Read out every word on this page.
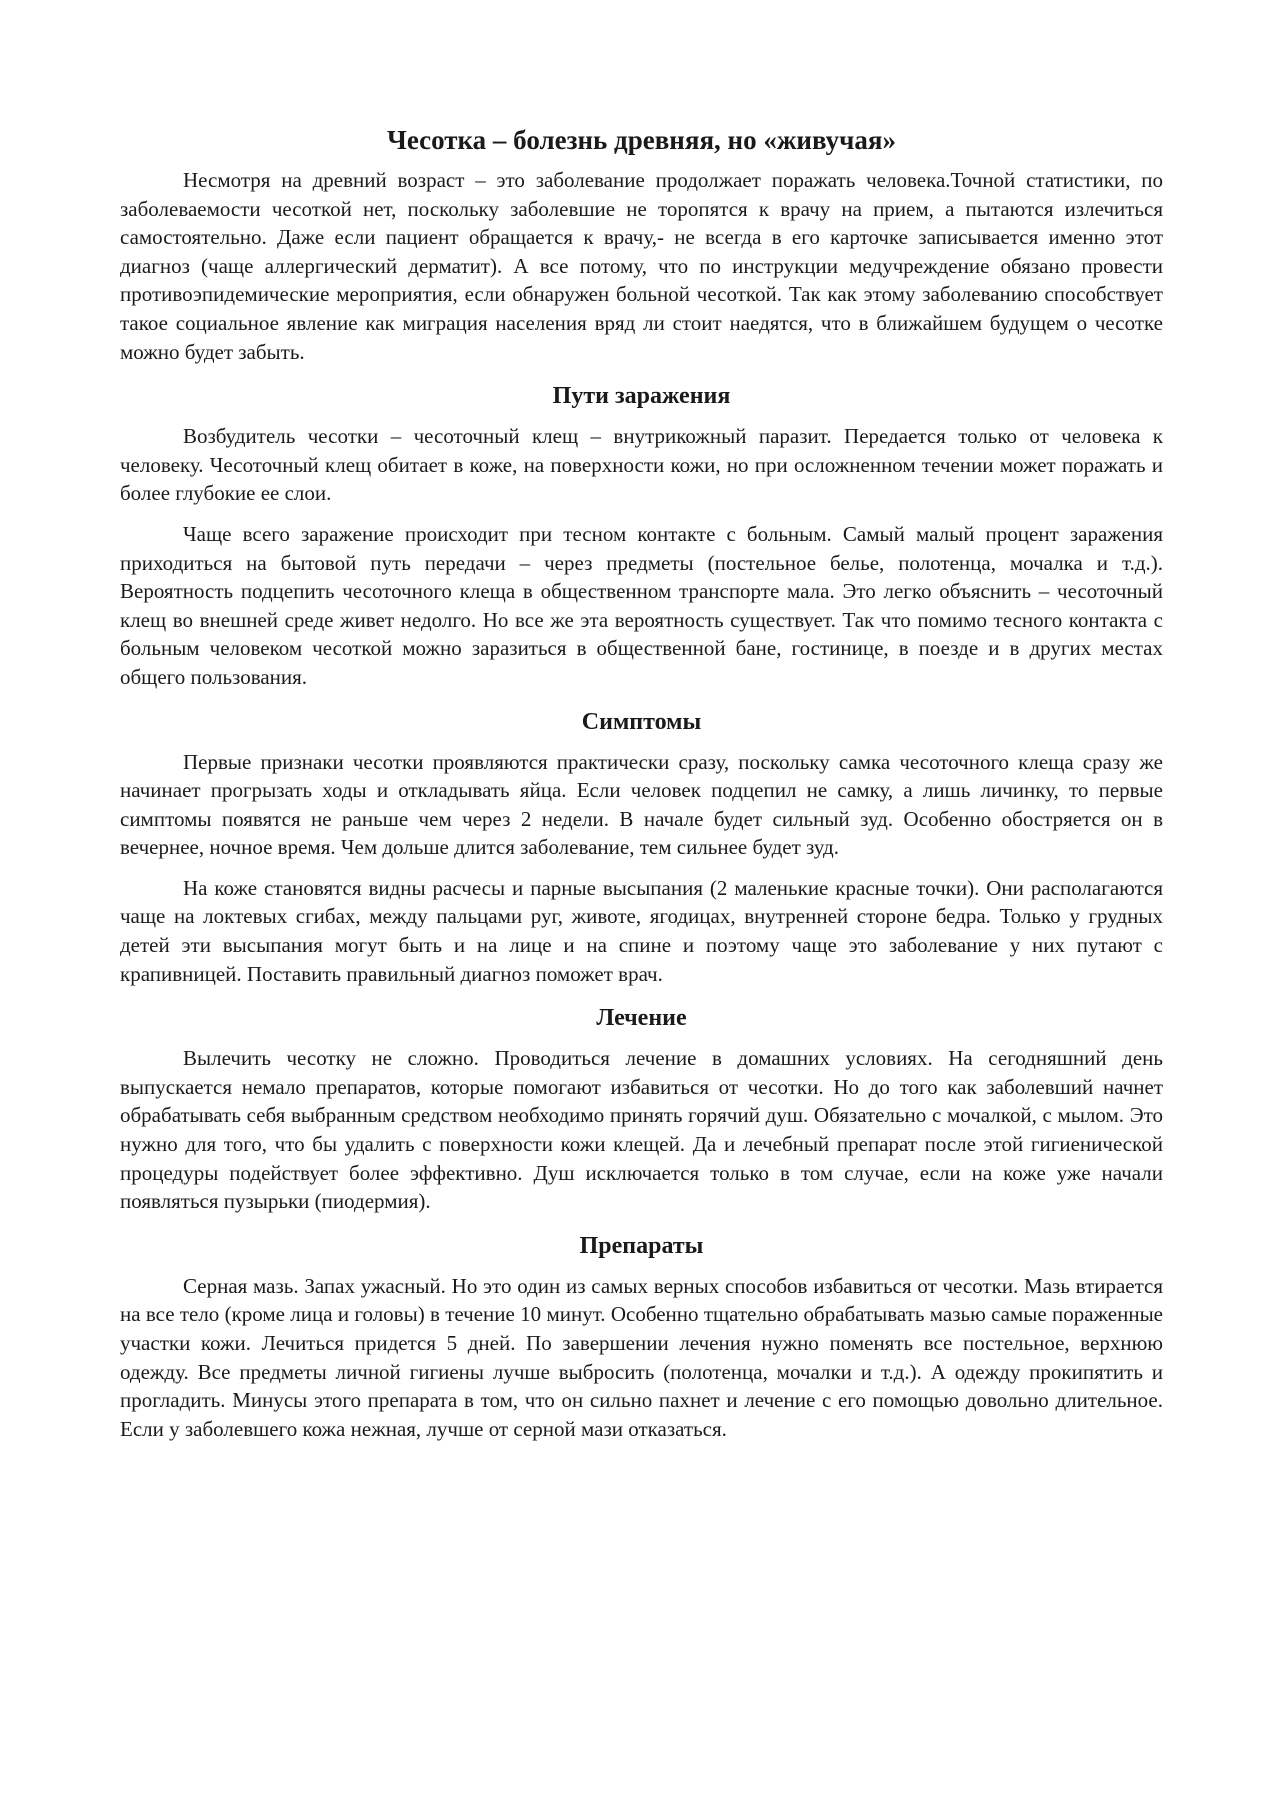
Чесотка – болезнь древняя, но «живучая»

Несмотря на древний возраст – это заболевание продолжает поражать человека.Точной статистики, по заболеваемости чесоткой нет, поскольку заболевшие не торопятся к врачу на прием, а пытаются излечиться самостоятельно. Даже если пациент обращается к врачу,- не всегда в его карточке записывается именно этот диагноз (чаще аллергический дерматит). А все потому, что по инструкции медучреждение обязано провести противоэпидемические мероприятия, если обнаружен больной чесоткой. Так как этому заболеванию способствует такое социальное явление как миграция населения вряд ли стоит наедятся, что в ближайшем будущем о чесотке можно будет забыть.

Пути заражения

Возбудитель чесотки – чесоточный клещ – внутрикожный паразит. Передается только от человека к человеку. Чесоточный клещ обитает в коже, на поверхности кожи, но при осложненном течении может поражать и более глубокие ее слои.

Чаще всего заражение происходит при тесном контакте с больным. Самый малый процент заражения приходиться на бытовой путь передачи – через предметы (постельное белье, полотенца, мочалка и т.д.). Вероятность подцепить чесоточного клеща в общественном транспорте мала. Это легко объяснить – чесоточный клещ во внешней среде живет недолго. Но все же эта вероятность существует. Так что помимо тесного контакта с больным человеком чесоткой можно заразиться в общественной бане, гостинице, в поезде и в других местах общего пользования.

Симптомы

Первые признаки чесотки проявляются практически сразу, поскольку самка чесоточного клеща сразу же начинает прогрызать ходы и откладывать яйца. Если человек подцепил не самку, а лишь личинку, то первые симптомы появятся не раньше чем через 2 недели. В начале будет сильный зуд. Особенно обостряется он в вечернее, ночное время. Чем дольше длится заболевание, тем сильнее будет зуд.

На коже становятся видны расчесы и парные высыпания (2 маленькие красные точки). Они располагаются чаще на локтевых сгибах, между пальцами руг, животе, ягодицах, внутренней стороне бедра. Только у грудных детей эти высыпания могут быть и на лице и на спине и поэтому чаще это заболевание у них путают с крапивницей. Поставить правильный диагноз поможет врач.

Лечение

Вылечить чесотку не сложно. Проводиться лечение в домашних условиях. На сегодняшний день выпускается немало препаратов, которые помогают избавиться от чесотки. Но до того как заболевший начнет обрабатывать себя выбранным средством необходимо принять горячий душ. Обязательно с мочалкой, с мылом. Это нужно для того, что бы удалить с поверхности кожи клещей. Да и лечебный препарат после этой гигиенической процедуры подействует более эффективно. Душ исключается только в том случае, если на коже уже начали появляться пузырьки (пиодермия).

Препараты

Серная мазь. Запах ужасный. Но это один из самых верных способов избавиться от чесотки. Мазь втирается на все тело (кроме лица и головы) в течение 10 минут. Особенно тщательно обрабатывать мазью самые пораженные участки кожи. Лечиться придется 5 дней. По завершении лечения нужно поменять все постельное, верхнюю одежду. Все предметы личной гигиены лучше выбросить (полотенца, мочалки и т.д.). А одежду прокипятить и прогладить. Минусы этого препарата в том, что он сильно пахнет и лечение с его помощью довольно длительное. Если у заболевшего кожа нежная, лучше от серной мази отказаться.
